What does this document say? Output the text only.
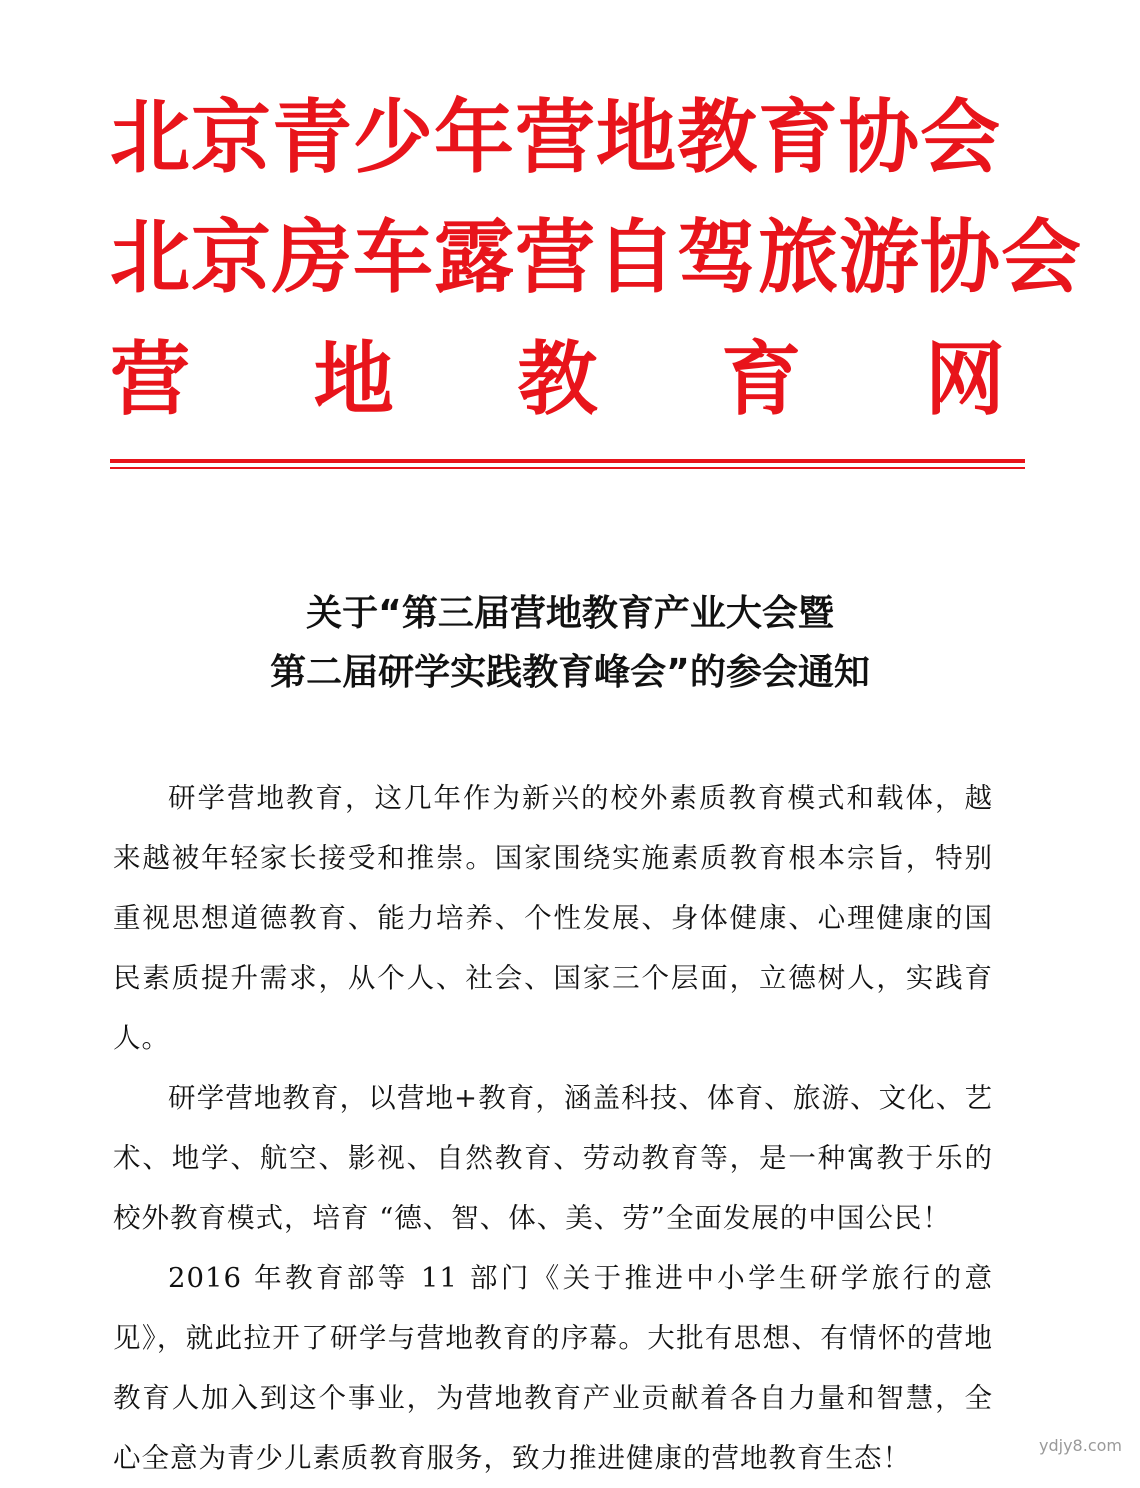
北京青少年营地教育协会
北京房车露营自驾旅游协会
营 地 教 育 网
关于“第三届营地教育产业大会暨
第二届研学实践教育峰会”的参会通知

研学营地教育，这几年作为新兴的校外素质教育模式和载体，越来越被年轻家长接受和推崇。国家围绕实施素质教育根本宗旨，特别重视思想道德教育、能力培养、个性发展、身体健康、心理健康的国民素质提升需求，从个人、社会、国家三个层面，立德树人，实践育人。

研学营地教育，以营地+教育，涵盖科技、体育、旅游、文化、艺术、地学、航空、影视、自然教育、劳动教育等，是一种寓教于乐的校外教育模式，培育 “德、智、体、美、劳”全面发展的中国公民！

2016 年教育部等 11 部门《关于推进中小学生研学旅行的意见》，就此拉开了研学与营地教育的序幕。大批有思想、有情怀的营地教育人加入到这个事业，为营地教育产业贡献着各自力量和智慧，全心全意为青少儿素质教育服务，致力推进健康的营地教育生态！	ydjy8.com
